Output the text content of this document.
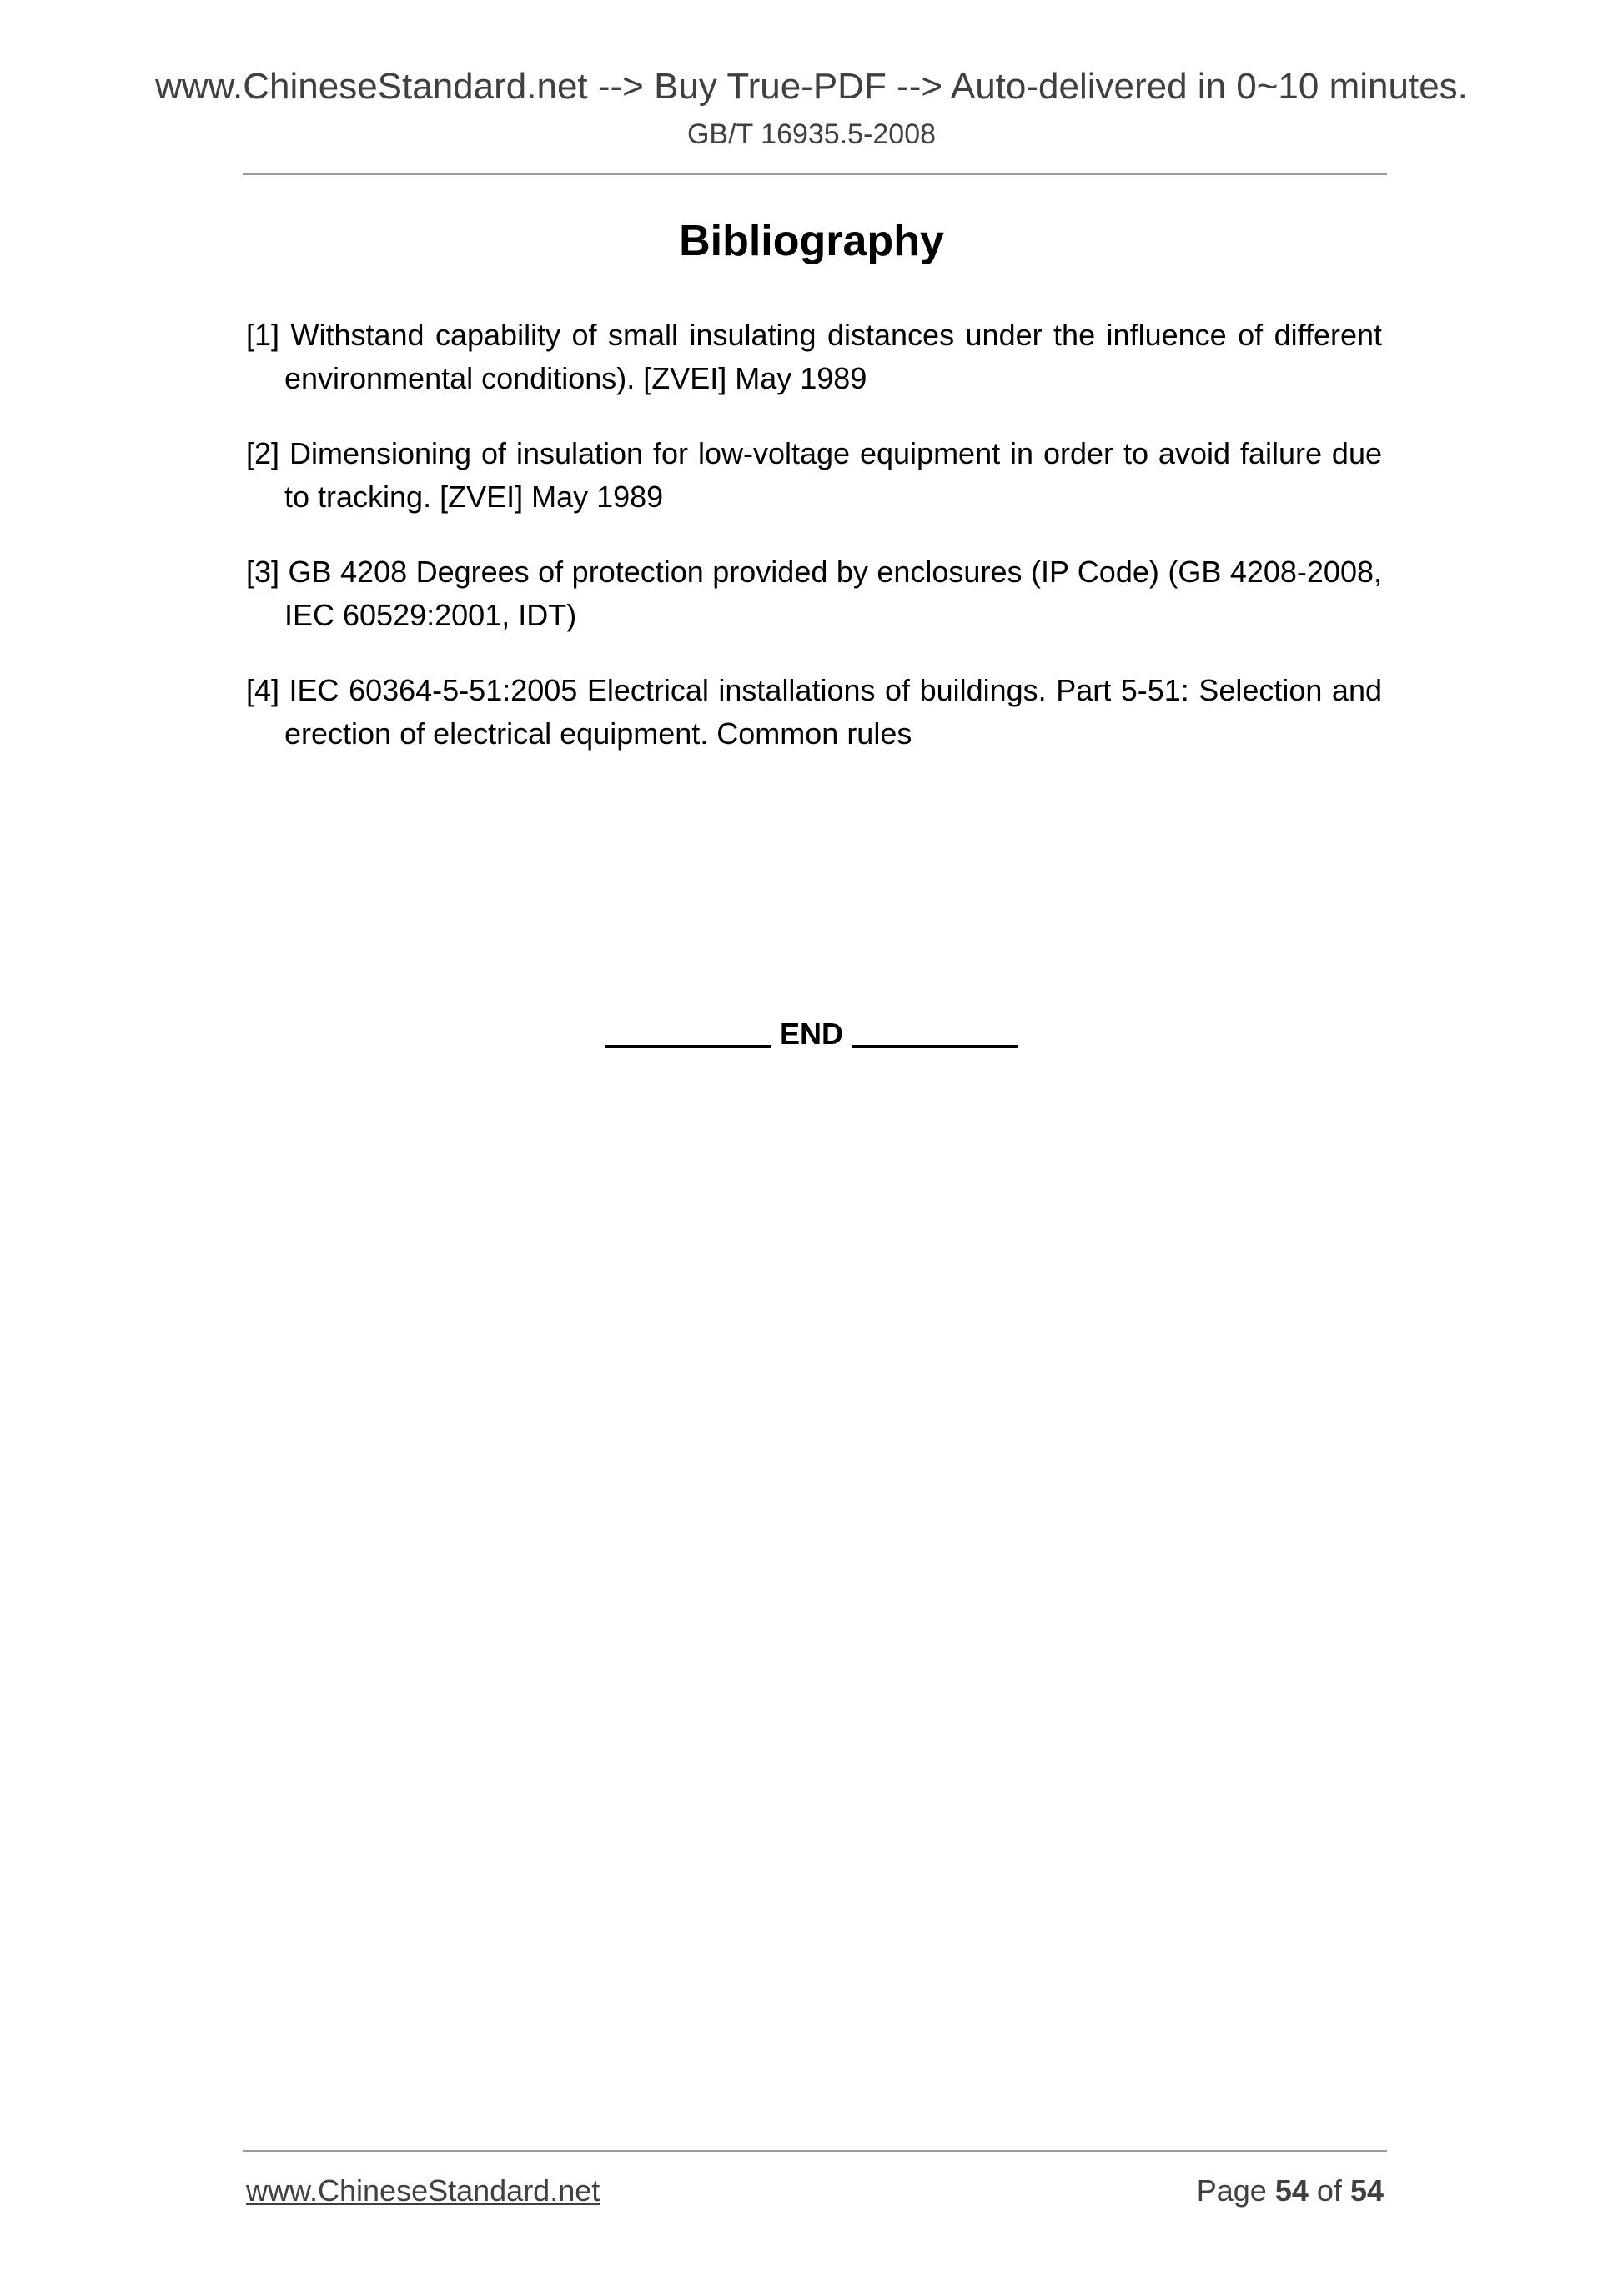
www.ChineseStandard.net --> Buy True-PDF --> Auto-delivered in 0~10 minutes.
GB/T 16935.5-2008
Bibliography
[1] Withstand capability of small insulating distances under the influence of different environmental conditions). [ZVEI] May 1989
[2] Dimensioning of insulation for low-voltage equipment in order to avoid failure due to tracking. [ZVEI] May 1989
[3] GB 4208 Degrees of protection provided by enclosures (IP Code) (GB 4208-2008, IEC 60529:2001, IDT)
[4] IEC 60364-5-51:2005 Electrical installations of buildings. Part 5-51: Selection and erection of electrical equipment. Common rules
END
www.ChineseStandard.net	Page 54 of 54
